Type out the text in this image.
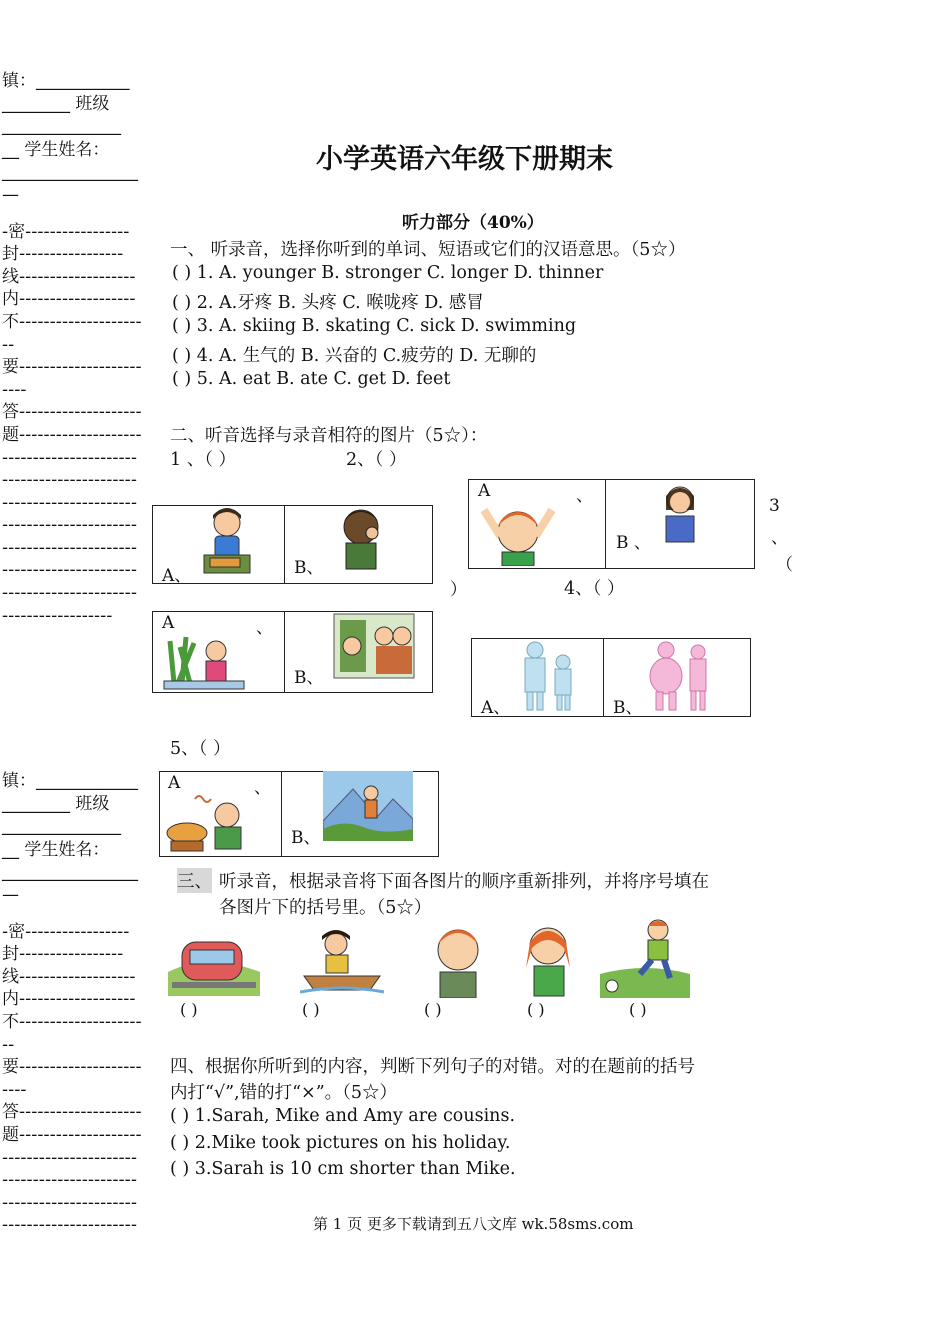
镇：___________
________ 班级
______________
__ 学生姓名：
________________
—
-密-----------------
封-----------------
线-------------------
内-------------------
不--------------------
--
要--------------------
----
答--------------------
题--------------------
----------------------
----------------------
----------------------
----------------------
----------------------
----------------------
----------------------
------------------
镇：____________
________ 班级
______________
__ 学生姓名：
________________
—
-密-----------------
封-----------------
线-------------------
内-------------------
不--------------------
--
要--------------------
----
答--------------------
题--------------------
----------------------
----------------------
----------------------
----------------------
小学英语六年级下册期末
听力部分（40%）
一、 听录音，选择你听到的单词、短语或它们的汉语意思。（5☆）
( ) 1. A. younger B. stronger C. longer D. thinner
( ) 2. A.牙疼 B. 头疼 C. 喉咙疼 D. 感冒
( ) 3. A. skiing B. skating C. sick D. swimming
( ) 4. A. 生气的 B. 兴奋的 C.疲劳的 D. 无聊的
( ) 5. A. eat B. ate C. get D. feet
二、听音选择与录音相符的图片（5☆）：
1 、（ ）	2、（ ）
A、	B、
A	、
B 、
3
、
（
）	4、（ ）
A	、
B、
A、	B、
5、（ ）
A	、
B、
三、 听录音，根据录音将下面各图片的顺序重新排列，并将序号填在
各图片下的括号里。（5☆）
( )	( )	( )	( )	( )
四、根据你所听到的内容，判断下列句子的对错。对的在题前的括号
内打“√”,错的打“×”。（5☆）
( ) 1.Sarah, Mike and Amy are cousins.
( ) 2.Mike took pictures on his holiday.
( ) 3.Sarah is 10 cm shorter than Mike.
第 1 页 更多下载请到五八文库 wk.58sms.com
